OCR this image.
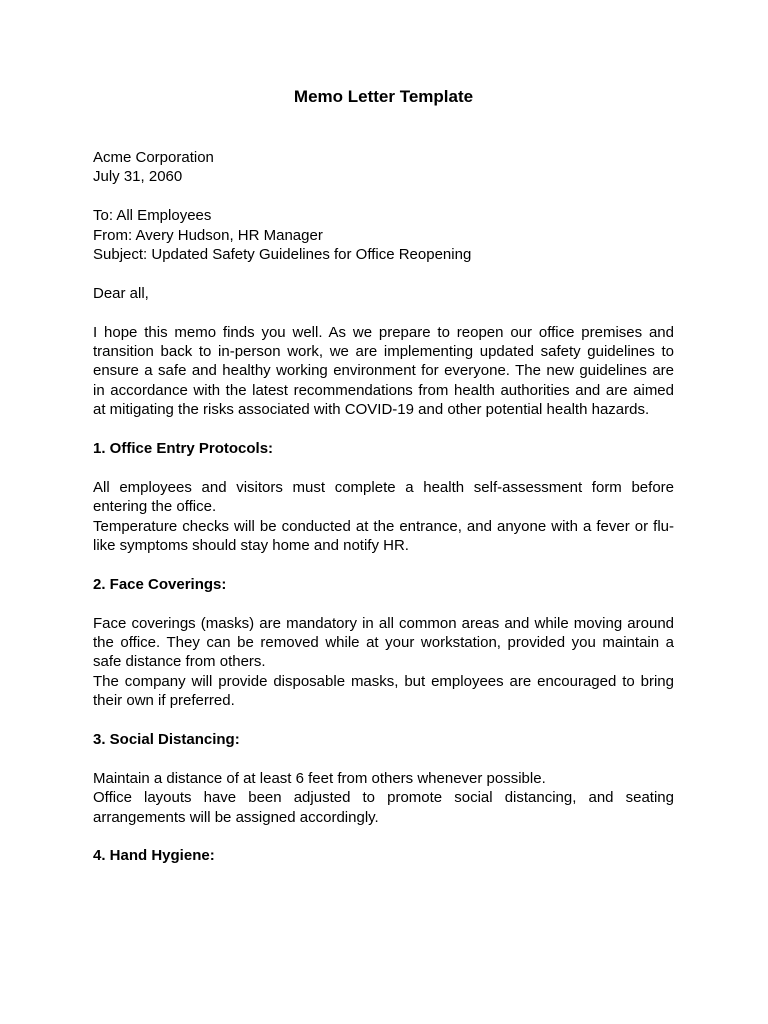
Memo Letter Template
Acme Corporation
July 31, 2060
To: All Employees
From: Avery Hudson, HR Manager
Subject: Updated Safety Guidelines for Office Reopening
Dear all,

I hope this memo finds you well. As we prepare to reopen our office premises and transition back to in-person work, we are implementing updated safety guidelines to ensure a safe and healthy working environment for everyone. The new guidelines are in accordance with the latest recommendations from health authorities and are aimed at mitigating the risks associated with COVID-19 and other potential health hazards.

1. Office Entry Protocols:

All employees and visitors must complete a health self-assessment form before entering the office.

Temperature checks will be conducted at the entrance, and anyone with a fever or flu-like symptoms should stay home and notify HR.

2. Face Coverings:

Face coverings (masks) are mandatory in all common areas and while moving around the office. They can be removed while at your workstation, provided you maintain a safe distance from others.

The company will provide disposable masks, but employees are encouraged to bring their own if preferred.

3. Social Distancing:

Maintain a distance of at least 6 feet from others whenever possible.

Office layouts have been adjusted to promote social distancing, and seating arrangements will be assigned accordingly.

4. Hand Hygiene:
